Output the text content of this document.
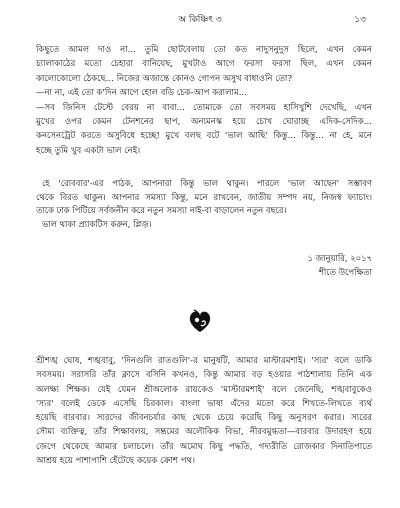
অ কিঞ্চিৎ ৩	১৩
কিছুতে আমল দাও না... তুমি ছোটবেলায় তো কত নাদুসনুদুস ছিলে, এখন কেমন
চ্যালাকাঠের মতো চেহারা বানিয়েছ, মুখটাও আগে ফরসা ফরসা ছিল, এখন কেমন
কালোকোলো ঠেকছে... নিজের অজান্তে কোনও গোপন অসুখ বাধাওনি তো?
—না না, এই তো ক'দিন আগে হোল বডি চেক-আপ করালাম...
—সব জিনিস টেস্টে বেরয় না বাবা... তোমাকে তো সবসময় হাসিখুশি দেখেছি, এখন
মুখের ওপর কেমন টেনশনের ছাপ, অন্যমনস্ক হয়ে চোখ ঘোরাচ্ছ এদিক-সেদিক...
কনসেনট্রেট করতে অসুবিধে হচ্ছে! মুখে বলছ বটে 'ভাল আছি' কিন্তু... কিন্তু... না হে, মনে
হচ্ছে তুমি খুব একটা ভাল নেই।
হে 'রোববার'-এর পাঠক, আপনারা কিন্তু ভাল থাকুন। পারলে 'ভাল আছেন' সম্ভাবণ
থেকে বিরত থাকুন। আপনার সমস্যা কিন্তু, মনে রাখবেন, জাতীয় সম্পদ নয়, নিজস্ব ফ্যাচাং।
তাকে ঢাক পিটিয়ে সর্বজনীন করে নতুন সমস্যা নাই-বা বাড়ালেন নতুন বছরে।
ভাল থাকা প্র্যাকটিস করুন, প্লিজ়।
১ জানুয়ারি, ২০১৭
শীতে উপেক্ষিতা
শ্রীশঙ্খ ঘোষ, শঙ্খবাবু, 'দিনগুলি রাতগুলি'-র মানুষটি, আমার মাস্টারমশাই। 'স্যর' বলে ডাকি
সবসময়। সরাসরি তাঁর ক্লাসে বসিনি কখনও, কিন্তু আমার বড় হওয়ার পাঠশালায় তিনি এক
অলক্ষ্য শিক্ষক। যেই যেমন শ্রীঅলোক রায়কেও 'মাস্টারমশাই' বলে জেনেছি, শঙ্খবাবুকেও
'স্যর' বলেই ডেকে এসেছি চিরকাল। বাংলা ভাষা এঁদের মতো করে শিখতে-লিখতে ব্যর্থ
হয়েছি বারবার। স্যরদের জীবনচর্যার কাছ থেকে চেয়ে করেছি কিছু অনুসরণ করার। স্যরের
সৌম্য ব্যক্তিত্ব, তাঁর শিক্ষাবলয়, সম্ভ্রমের অলৌকিক বিভা, নীরবমুগ্ধতা—বারবার উদারহণ হয়ে
জেগে থেকেছে আমার চলাচলে। তাঁর অমোঘ কিছু পদ্ধতি, গদ্যরীতি রোজকার দিনাতিপাতে
আশ্রয় হয়ে পাশাপাশি হেঁটেছে কয়েক ক্রোশ পথ।
